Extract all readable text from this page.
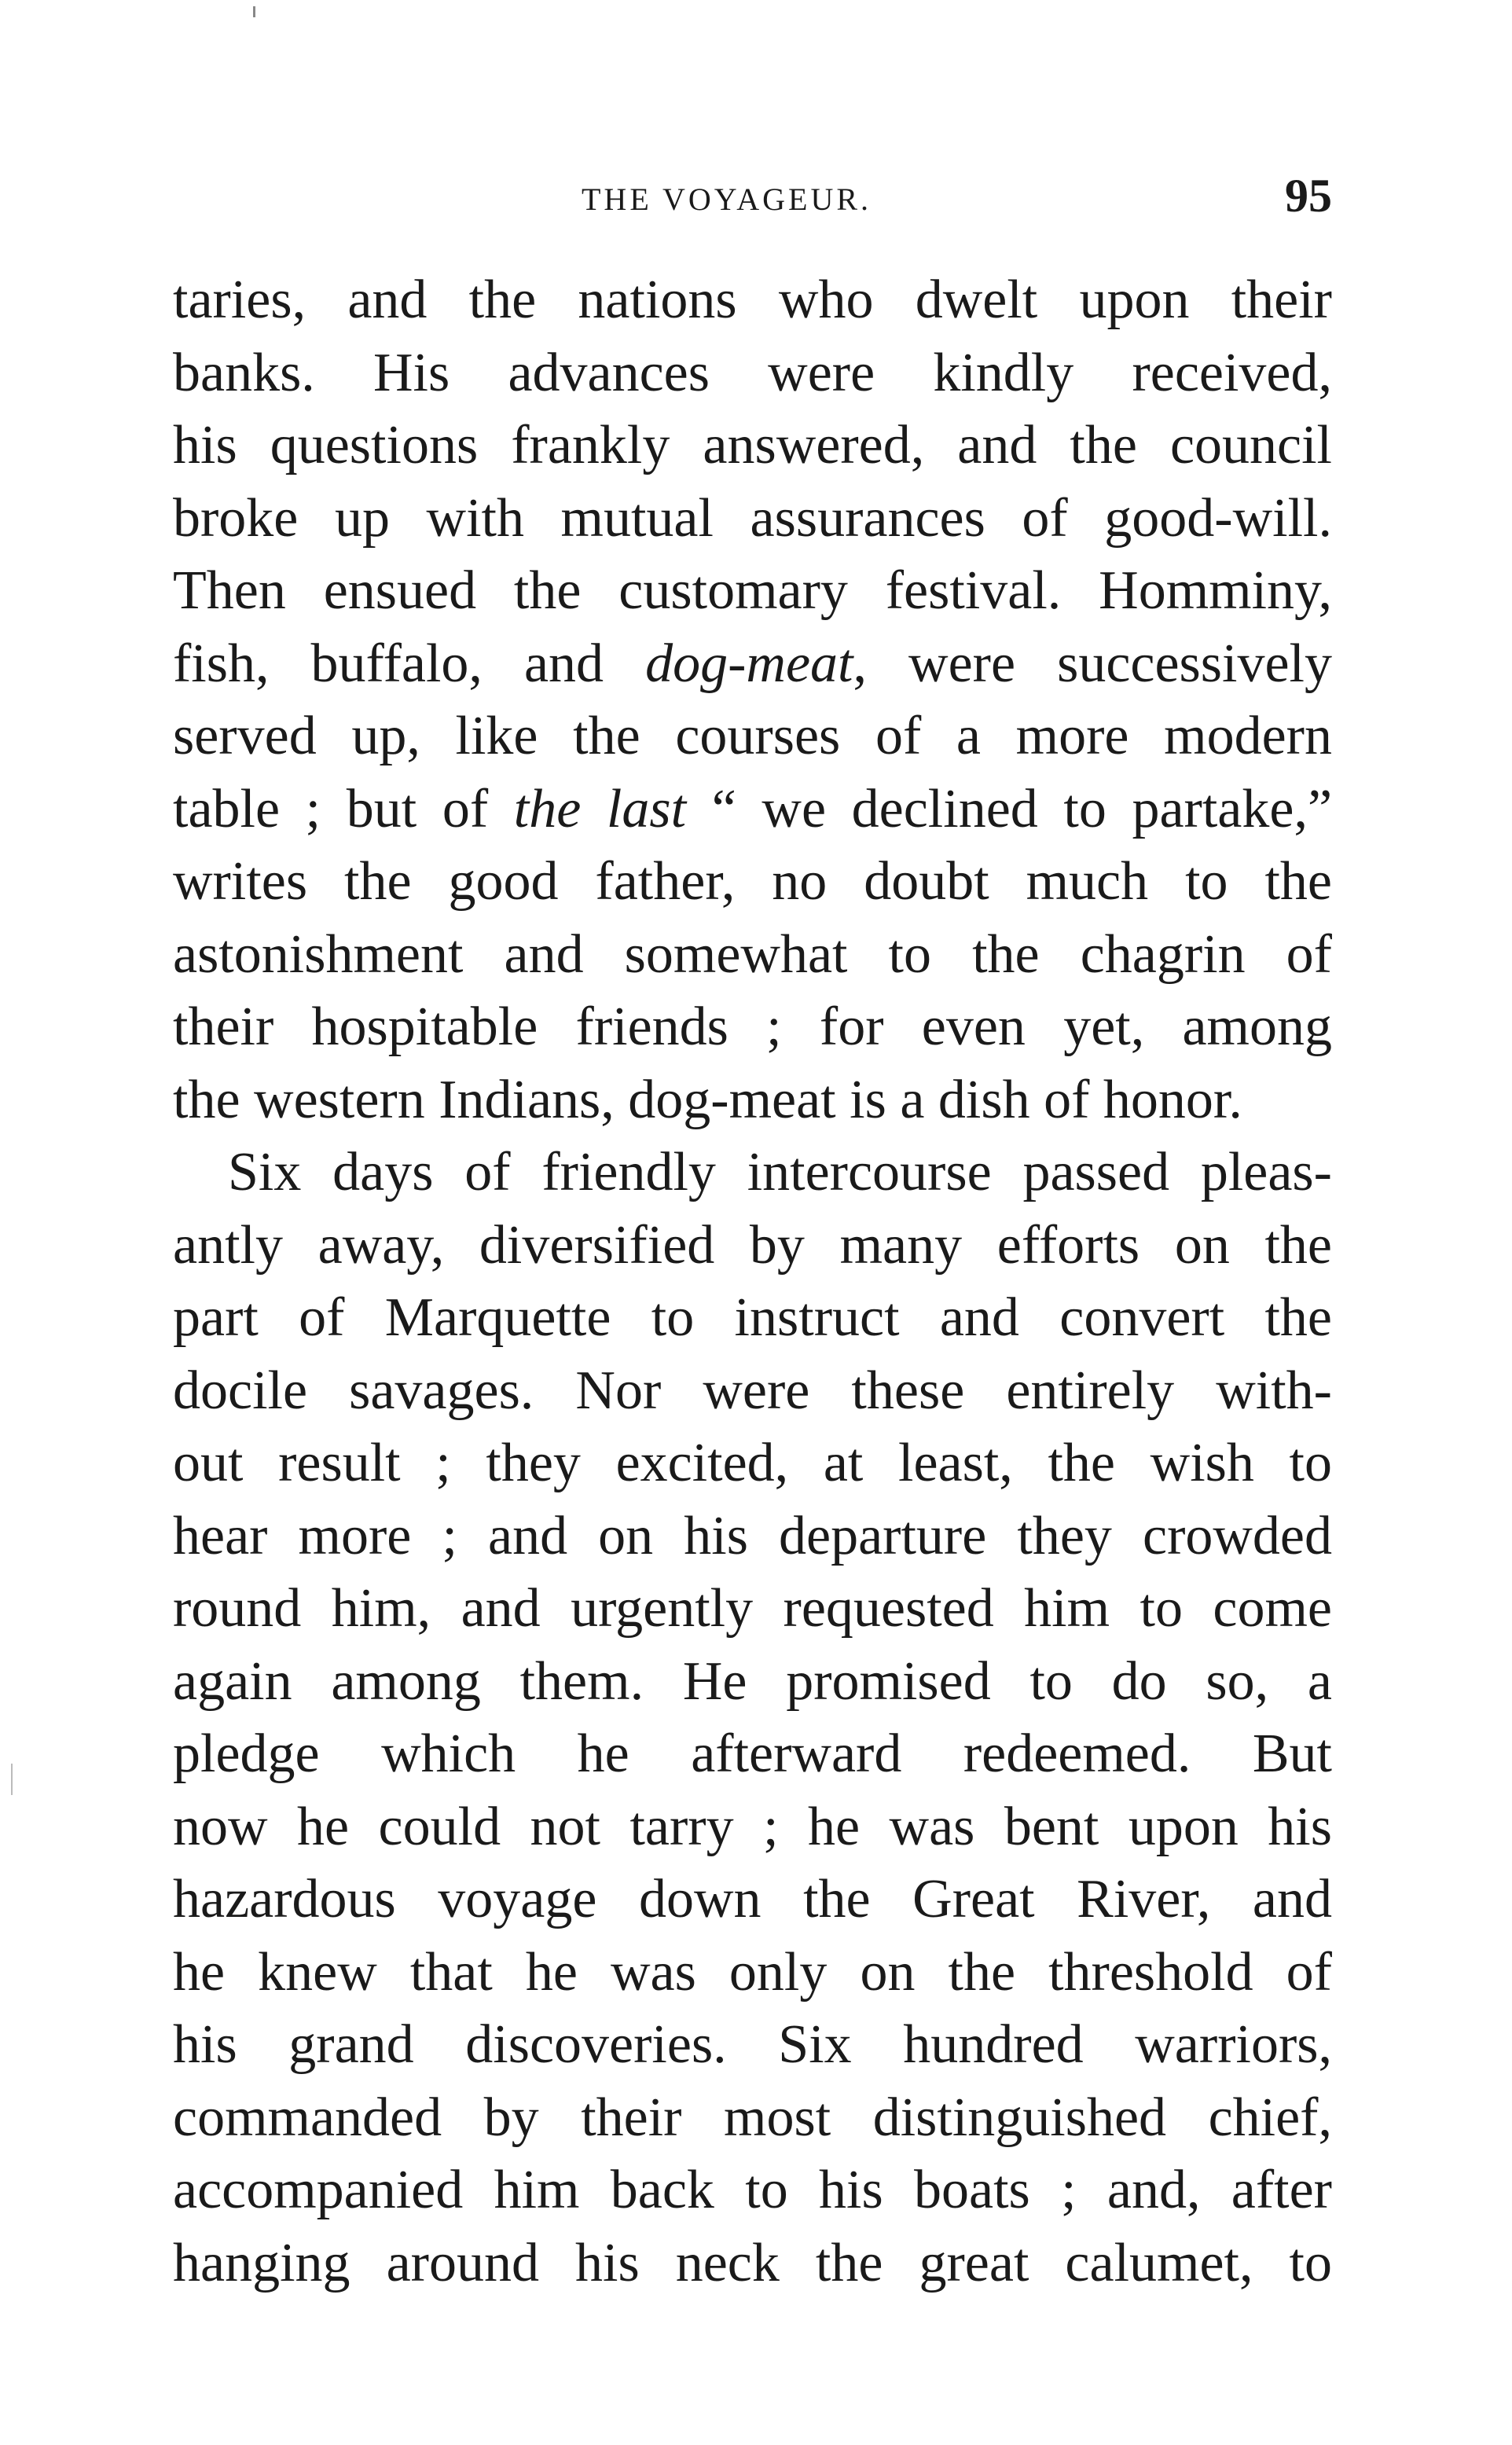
THE VOYAGEUR.	95
taries, and the nations who dwelt upon their
banks. His advances were kindly received,
his questions frankly answered, and the council
broke up with mutual assurances of good-will.
Then ensued the customary festival. Homminy,
fish, buffalo, and dog-meat, were successively
served up, like the courses of a more modern
table ; but of the last “ we declined to partake,”
writes the good father, no doubt much to the
astonishment and somewhat to the chagrin of
their hospitable friends ; for even yet, among
the western Indians, dog-meat is a dish of honor.
Six days of friendly intercourse passed pleas-
antly away, diversified by many efforts on the
part of Marquette to instruct and convert the
docile savages. Nor were these entirely with-
out result ; they excited, at least, the wish to
hear more ; and on his departure they crowded
round him, and urgently requested him to come
again among them. He promised to do so, a
pledge which he afterward redeemed. But
now he could not tarry ; he was bent upon his
hazardous voyage down the Great River, and
he knew that he was only on the threshold of
his grand discoveries. Six hundred warriors,
commanded by their most distinguished chief,
accompanied him back to his boats ; and, after
hanging around his neck the great calumet, to
